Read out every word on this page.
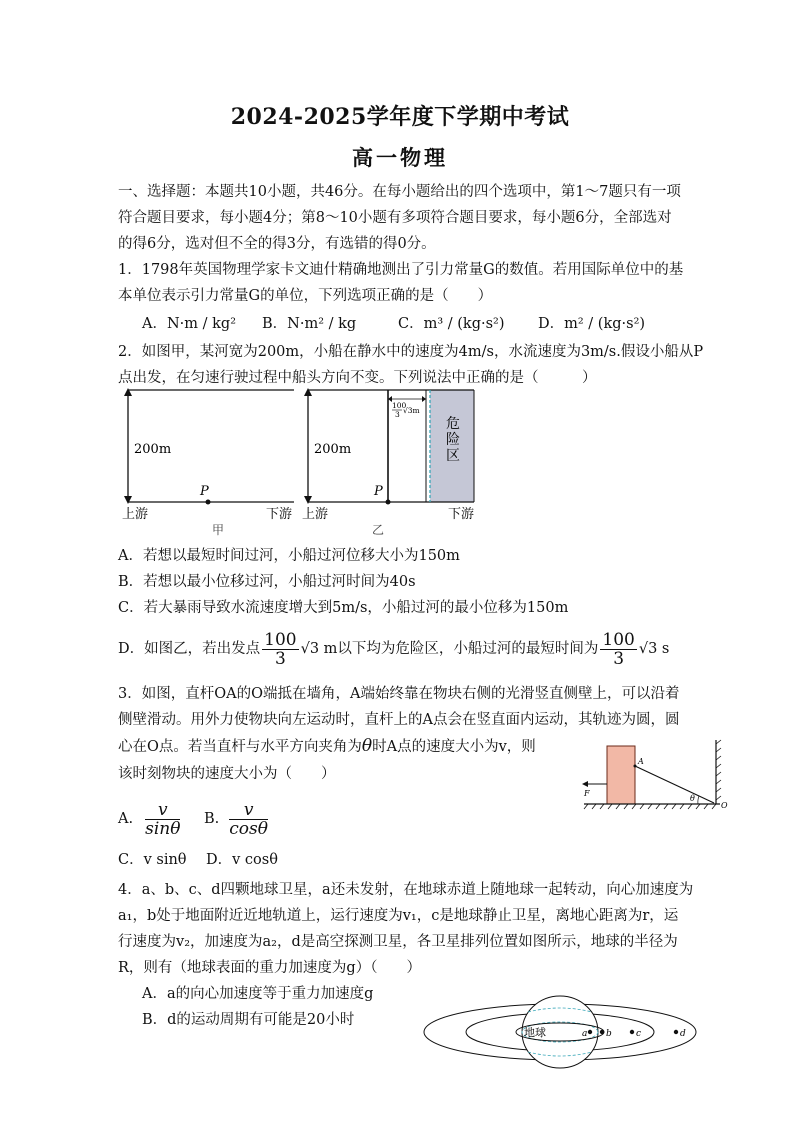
2024-2025学年度下学期中考试
高一物理
一、选择题：本题共10小题，共46分。在每小题给出的四个选项中，第1～7题只有一项
符合题目要求，每小题4分；第8～10小题有多项符合题目要求，每小题6分，全部选对
的得6分，选对但不全的得3分，有选错的得0分。
1．1798年英国物理学家卡文迪什精确地测出了引力常量G的数值。若用国际单位中的基
本单位表示引力常量G的单位，下列选项正确的是（　　）
A．N·m / kg² B．N·m² / kg	C．m³ / (kg·s²) D．m² / (kg·s²)
2．如图甲，某河宽为200m，小船在静水中的速度为4m/s，水流速度为3m/s.假设小船从P
点出发，在匀速行驶过程中船头方向不变。下列说法中正确的是（　　　）
200m
P
上游	下游
甲
100
3 √3m
危
险
区
200m
P
上游	下游
乙
A．若想以最短时间过河，小船过河位移大小为150m
B．若想以最小位移过河，小船过河时间为40s
C．若大暴雨导致水流速度增大到5m/s，小船过河的最小位移为150m
D．如图乙，若出发点 $\frac{100}{3} √3$ m以下均为危险区，小船过河的最短时间为 $\frac{100}{3} √3$ s
3．如图，直杆OA的O端抵在墙角，A端始终靠在物块右侧的光滑竖直侧壁上，可以沿着
侧壁滑动。用外力使物块向左运动时，直杆上的A点会在竖直面内运动，其轨迹为圆，圆
心在O点。若当直杆与水平方向夹角为θ时A点的速度大小为v，则
该时刻物块的速度大小为（　　）
A. $\frac{v}{\sin\theta} B$. $\frac{v}{\cos\theta}$
C．v sinθ D．v cosθ
A
θ
F
O
4．a、b、c、d四颗地球卫星，a还未发射，在地球赤道上随地球一起转动，向心加速度为
a₁，b处于地面附近近地轨道上，运行速度为v₁，c是地球静止卫星，离地心距离为r，运
行速度为v₂，加速度为a₂，d是高空探测卫星，各卫星排列位置如图所示，地球的半径为
R，则有（地球表面的重力加速度为g）（　　）
A．a的向心加速度等于重力加速度g
B．d的运动周期有可能是20小时
地球	a b	c	d
